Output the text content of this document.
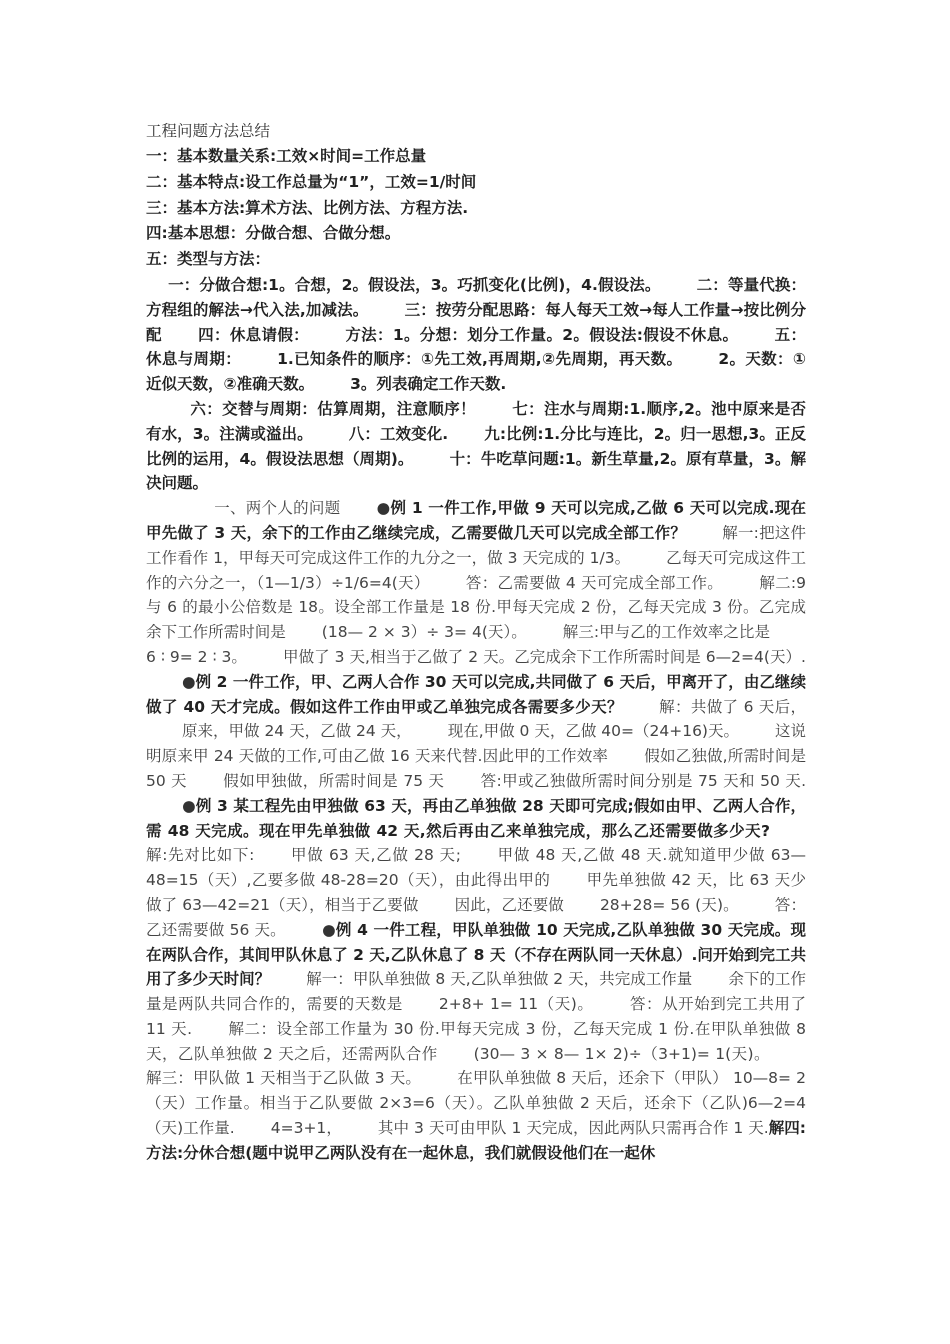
工程问题方法总结
一：基本数量关系:工效×时间=工作总量
二：基本特点:设工作总量为“1”，工效=1/时间
三：基本方法:算术方法、比例方法、方程方法.
四:基本思想：分做合想、合做分想。
五：类型与方法：

一：分做合想:1。合想，2。假设法，3。巧抓变化(比例)，4.假设法。 二：等量代换：方程组的解法→代入法,加减法。 三：按劳分配思路：每人每天工效→每人工作量→按比例分配 四：休息请假： 方法：1。分想：划分工作量。2。假设法:假设不休息。 五：休息与周期： 1.已知条件的顺序：①先工效,再周期,②先周期，再天数。 2。天数：①近似天数，②准确天数。 3。列表确定工作天数.
六：交替与周期：估算周期，注意顺序！ 七：注水与周期:1.顺序,2。池中原来是否有水，3。注满或溢出。 八：工效变化. 九:比例:1.分比与连比，2。归一思想,3。正反比例的运用，4。假设法思想（周期)。 十：牛吃草问题:1。新生草量,2。原有草量，3。解决问题。

一、两个人的问题 ●例 1 一件工作,甲做 9 天可以完成,乙做 6 天可以完成.现在甲先做了 3 天，余下的工作由乙继续完成，乙需要做几天可以完成全部工作？ 解一:把这件工作看作 1，甲每天可完成这件工作的九分之一，做 3 天完成的 1/3。 乙每天可完成这件工作的六分之一，（1—1/3）÷1/6=4(天） 答：乙需要做 4 天可完成全部工作。 解二:9 与 6 的最小公倍数是 18。设全部工作量是 18 份.甲每天完成 2 份，乙每天完成 3 份。乙完成余下工作所需时间是 (18— 2 × 3）÷ 3= 4(天）。 解三:甲与乙的工作效率之比是6 ∶ 9= 2 ∶ 3。 甲做了 3 天,相当于乙做了 2 天。乙完成余下工作所需时间是 6—2=4(天）.●例 2 一件工作，甲、乙两人合作 30 天可以完成,共同做了 6 天后，甲离开了，由乙继续做了 40 天才完成。假如这件工作由甲或乙单独完成各需要多少天？ 解：共做了 6 天后，原来，甲做 24 天，乙做 24 天， 现在,甲做 0 天，乙做 40=（24+16)天。 这说明原来甲 24 天做的工作,可由乙做 16 天来代替.因此甲的工作效率 假如乙独做,所需时间是 50 天 假如甲独做，所需时间是 75 天 答:甲或乙独做所需时间分别是 75 天和 50 天.●例 3 某工程先由甲独做 63 天，再由乙单独做 28 天即可完成;假如由甲、乙两人合作，需 48 天完成。现在甲先单独做 42 天,然后再由乙来单独完成，那么乙还需要做多少天?解:先对比如下: 甲做 63 天,乙做 28 天; 甲做 48 天,乙做 48 天.就知道甲少做 63—48=15（天）,乙要多做 48-28=20（天），由此得出甲的 甲先单独做 42 天，比 63 天少做了 63—42=21（天），相当于乙要做 因此，乙还要做 28+28= 56 (天)。 答：乙还需要做 56 天。 ●例 4 一件工程，甲队单独做 10 天完成,乙队单独做 30 天完成。现在两队合作，其间甲队休息了 2 天,乙队休息了 8 天（不存在两队同一天休息）.问开始到完工共用了多少天时间？ 解一：甲队单独做 8 天,乙队单独做 2 天，共完成工作量 余下的工作量是两队共同合作的，需要的天数是 2+8+ 1= 11（天)。 答：从开始到完工共用了 11 天. 解二：设全部工作量为 30 份.甲每天完成 3 份，乙每天完成 1 份.在甲队单独做 8 天，乙队单独做 2 天之后，还需两队合作 (30— 3 × 8— 1× 2)÷（3+1)= 1(天)。解三：甲队做 1 天相当于乙队做 3 天。 在甲队单独做 8 天后，还余下（甲队） 10—8= 2（天）工作量。相当于乙队要做 2×3=6（天）。乙队单独做 2 天后，还余下（乙队)6—2=4（天)工作量. 4=3+1， 其中 3 天可由甲队 1 天完成，因此两队只需再合作 1 天.解四: 方法:分休合想(题中说甲乙两队没有在一起休息，我们就假设他们在一起休
